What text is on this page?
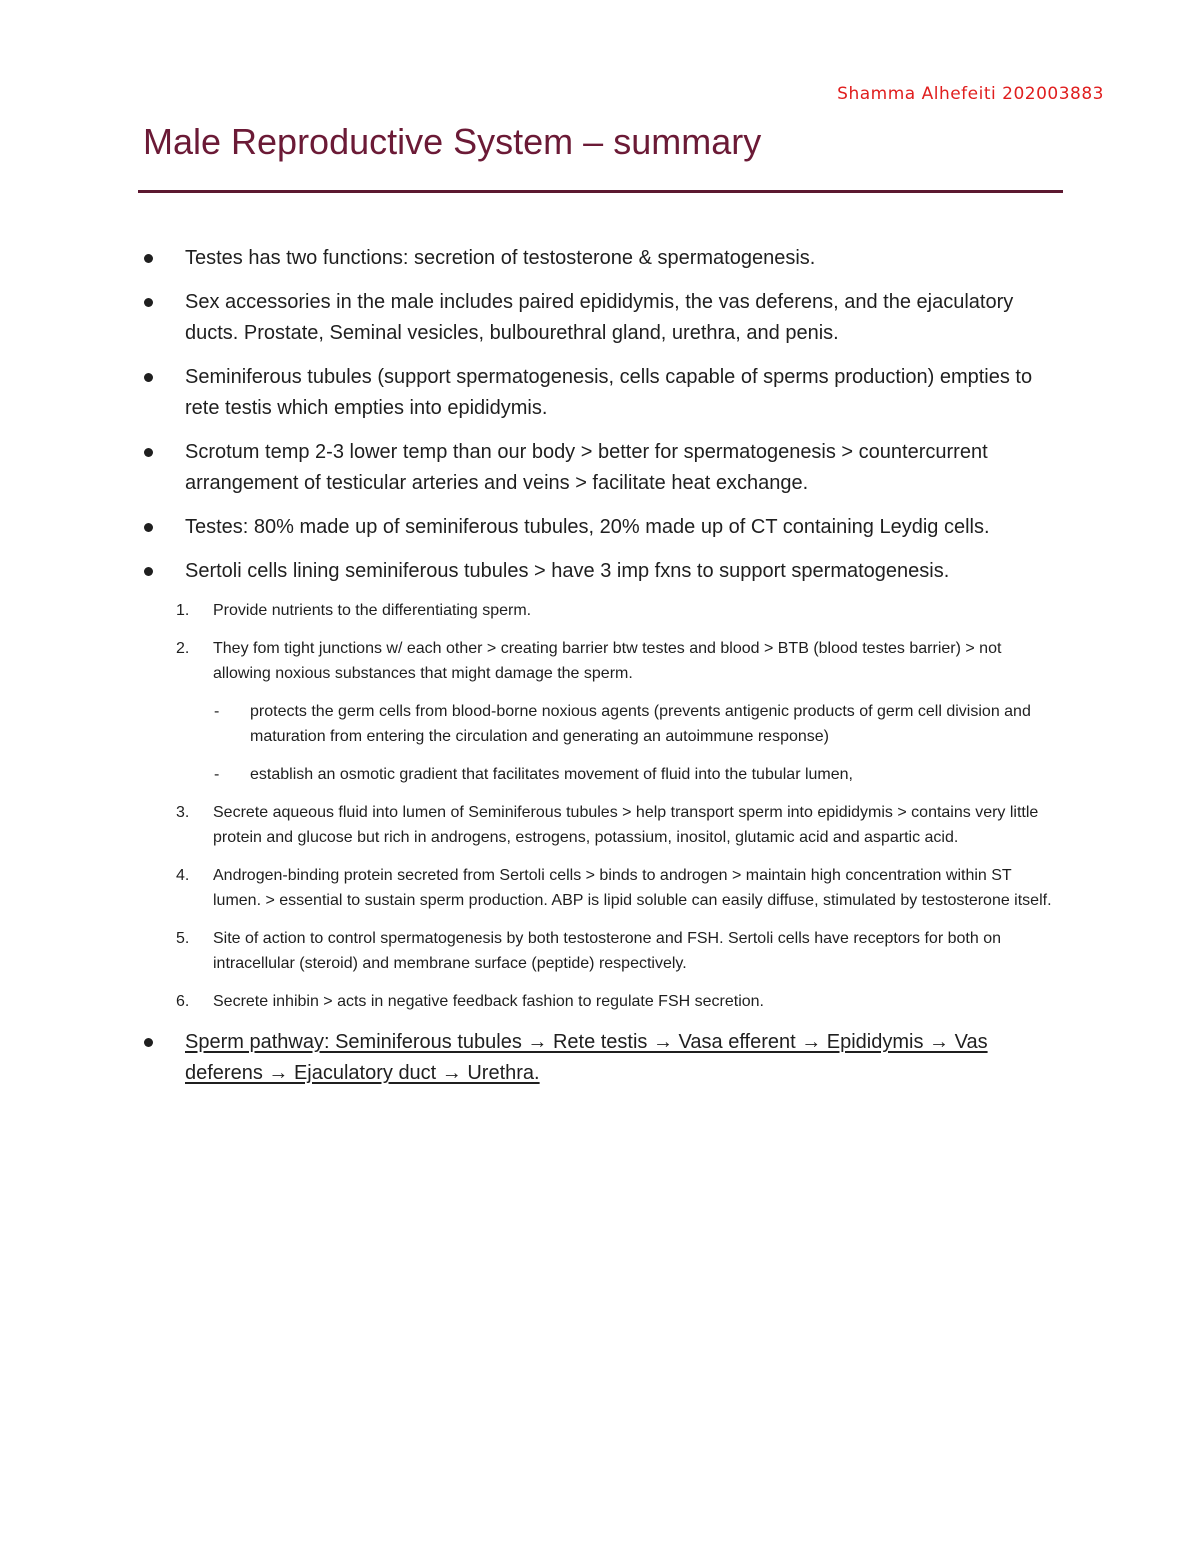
Shamma Alhefeiti 202003883
Male Reproductive System – summary
Testes has two functions: secretion of testosterone & spermatogenesis.
Sex accessories in the male includes paired epididymis, the vas deferens, and the ejaculatory ducts. Prostate, Seminal vesicles, bulbourethral gland, urethra, and penis.
Seminiferous tubules (support spermatogenesis, cells capable of sperms production) empties to rete testis which empties into epididymis.
Scrotum temp 2-3 lower temp than our body > better for spermatogenesis > countercurrent arrangement of testicular arteries and veins > facilitate heat exchange.
Testes: 80% made up of seminiferous tubules, 20% made up of CT containing Leydig cells.
Sertoli cells lining seminiferous tubules > have 3 imp fxns to support spermatogenesis.
1. Provide nutrients to the differentiating sperm.
2. They fom tight junctions w/ each other > creating barrier btw testes and blood > BTB (blood testes barrier) > not allowing noxious substances that might damage the sperm.
- protects the germ cells from blood-borne noxious agents (prevents antigenic products of germ cell division and maturation from entering the circulation and generating an autoimmune response)
- establish an osmotic gradient that facilitates movement of fluid into the tubular lumen,
3. Secrete aqueous fluid into lumen of Seminiferous tubules > help transport sperm into epididymis > contains very little protein and glucose but rich in androgens, estrogens, potassium, inositol, glutamic acid and aspartic acid.
4. Androgen-binding protein secreted from Sertoli cells > binds to androgen > maintain high concentration within ST lumen. > essential to sustain sperm production. ABP is lipid soluble can easily diffuse, stimulated by testosterone itself.
5. Site of action to control spermatogenesis by both testosterone and FSH. Sertoli cells have receptors for both on intracellular (steroid) and membrane surface (peptide) respectively.
6. Secrete inhibin > acts in negative feedback fashion to regulate FSH secretion.
Sperm pathway: Seminiferous tubules → Rete testis → Vasa efferent → Epididymis → Vas deferens → Ejaculatory duct → Urethra.
